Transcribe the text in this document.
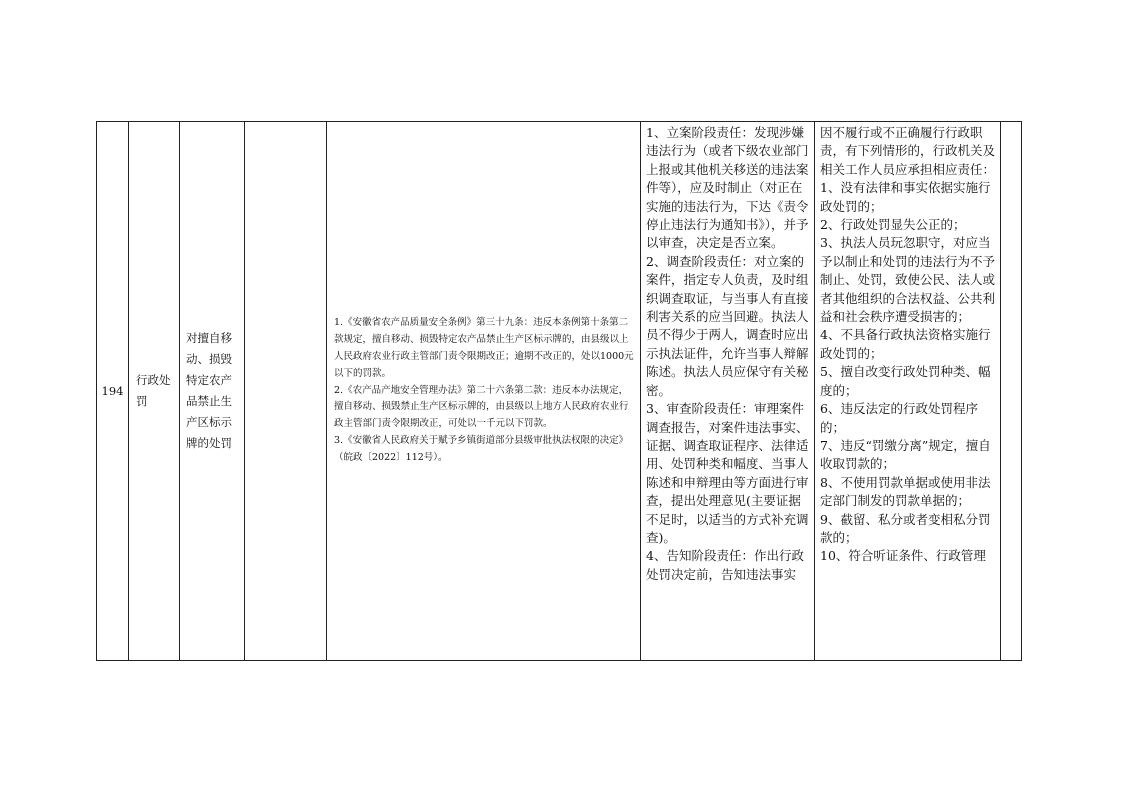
194
行政处罚
对擅自移动、损毁特定农产品禁止生产区标示牌的处罚

1.《安徽省农产品质量安全条例》第三十九条：违反本条例第十条第二款规定，擅自移动、损毁特定农产品禁止生产区标示牌的，由县级以上人民政府农业行政主管部门责令限期改正；逾期不改正的，处以1000元以下的罚款。

2.《农产品产地安全管理办法》第二十六条第二款：违反本办法规定，擅自移动、损毁禁止生产区标示牌的，由县级以上地方人民政府农业行政主管部门责令限期改正，可处以一千元以下罚款。

3.《安徽省人民政府关于赋予乡镇街道部分县级审批执法权限的决定》（皖政〔2022〕112号）。

1、立案阶段责任：发现涉嫌违法行为（或者下级农业部门上报或其他机关移送的违法案件等），应及时制止（对正在实施的违法行为，下达《责令停止违法行为通知书》），并予以审查，决定是否立案。
2、调查阶段责任：对立案的案件，指定专人负责，及时组织调查取证，与当事人有直接利害关系的应当回避。执法人员不得少于两人，调查时应出示执法证件，允许当事人辩解陈述。执法人员应保守有关秘密。
3、审查阶段责任：审理案件调查报告，对案件违法事实、证据、调查取证程序、法律适用、处罚种类和幅度、当事人陈述和申辩理由等方面进行审查，提出处理意见(主要证据不足时，以适当的方式补充调查)。
4、告知阶段责任：作出行政处罚决定前，告知违法事实
因不履行或不正确履行行政职责，有下列情形的，行政机关及相关工作人员应承担相应责任：
1、没有法律和事实依据实施行政处罚的；
2、行政处罚显失公正的；
3、执法人员玩忽职守，对应当予以制止和处罚的违法行为不予制止、处罚，致使公民、法人或者其他组织的合法权益、公共利益和社会秩序遭受损害的；
4、不具备行政执法资格实施行政处罚的；
5、擅自改变行政处罚种类、幅度的；
6、违反法定的行政处罚程序的；
7、违反“罚缴分离”规定，擅自收取罚款的；
8、不使用罚款单据或使用非法定部门制发的罚款单据的；
9、截留、私分或者变相私分罚款的；
10、符合听证条件、行政管理
